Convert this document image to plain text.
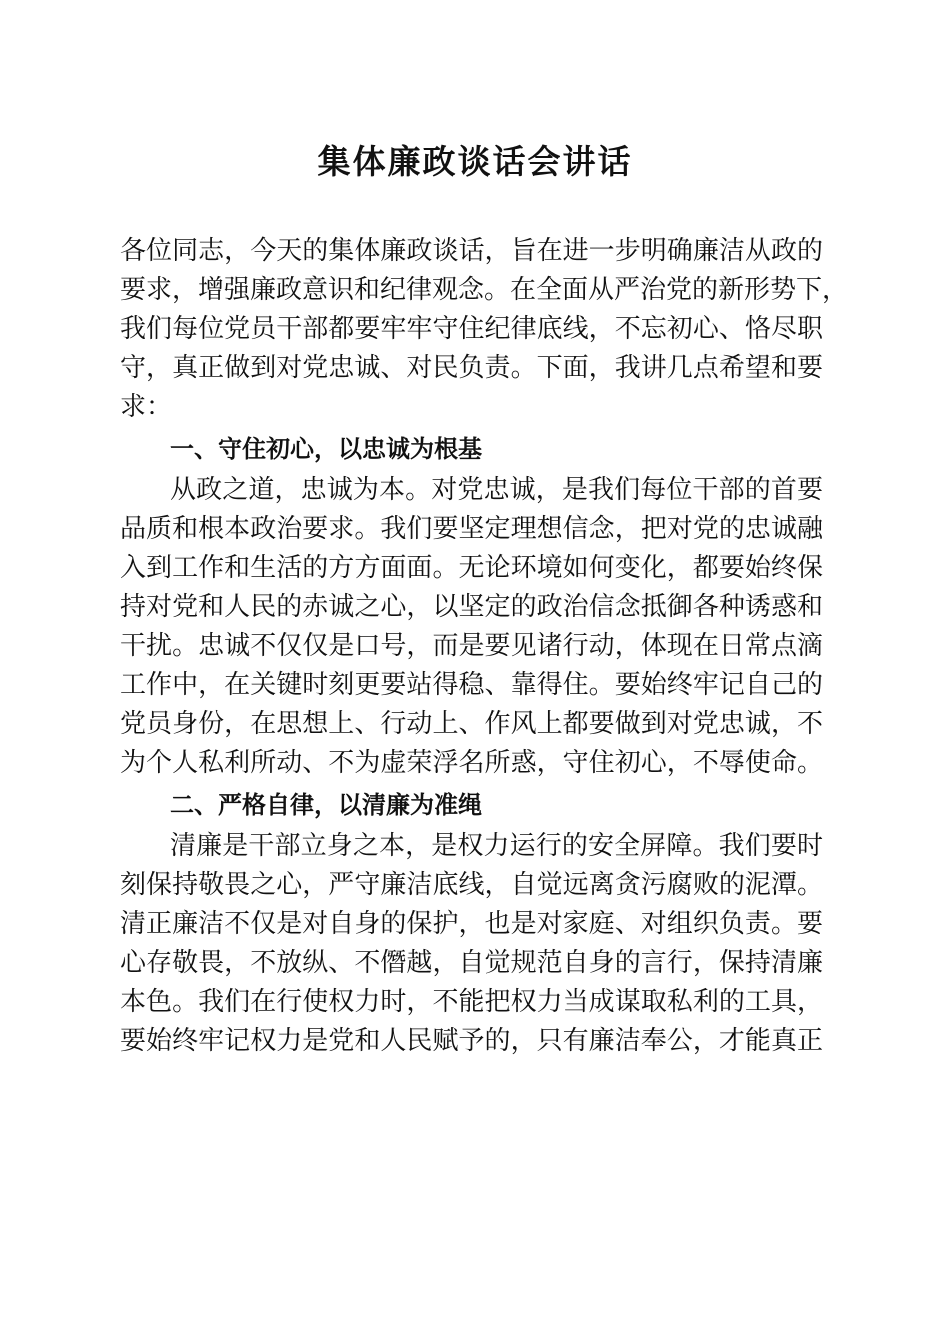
集体廉政谈话会讲话
各位同志，今天的集体廉政谈话，旨在进一步明确廉洁从政的
要求，增强廉政意识和纪律观念。在全面从严治党的新形势下，
我们每位党员干部都要牢牢守住纪律底线，不忘初心、恪尽职
守，真正做到对党忠诚、对民负责。下面，我讲几点希望和要
求：
一、守住初心，以忠诚为根基
从政之道，忠诚为本。对党忠诚，是我们每位干部的首要
品质和根本政治要求。我们要坚定理想信念，把对党的忠诚融
入到工作和生活的方方面面。无论环境如何变化，都要始终保
持对党和人民的赤诚之心，以坚定的政治信念抵御各种诱惑和
干扰。忠诚不仅仅是口号，而是要见诸行动，体现在日常点滴
工作中，在关键时刻更要站得稳、靠得住。要始终牢记自己的
党员身份，在思想上、行动上、作风上都要做到对党忠诚，不
为个人私利所动、不为虚荣浮名所惑，守住初心，不辱使命。
二、严格自律，以清廉为准绳
清廉是干部立身之本，是权力运行的安全屏障。我们要时
刻保持敬畏之心，严守廉洁底线，自觉远离贪污腐败的泥潭。
清正廉洁不仅是对自身的保护，也是对家庭、对组织负责。要
心存敬畏，不放纵、不僭越，自觉规范自身的言行，保持清廉
本色。我们在行使权力时，不能把权力当成谋取私利的工具，
要始终牢记权力是党和人民赋予的，只有廉洁奉公，才能真正
